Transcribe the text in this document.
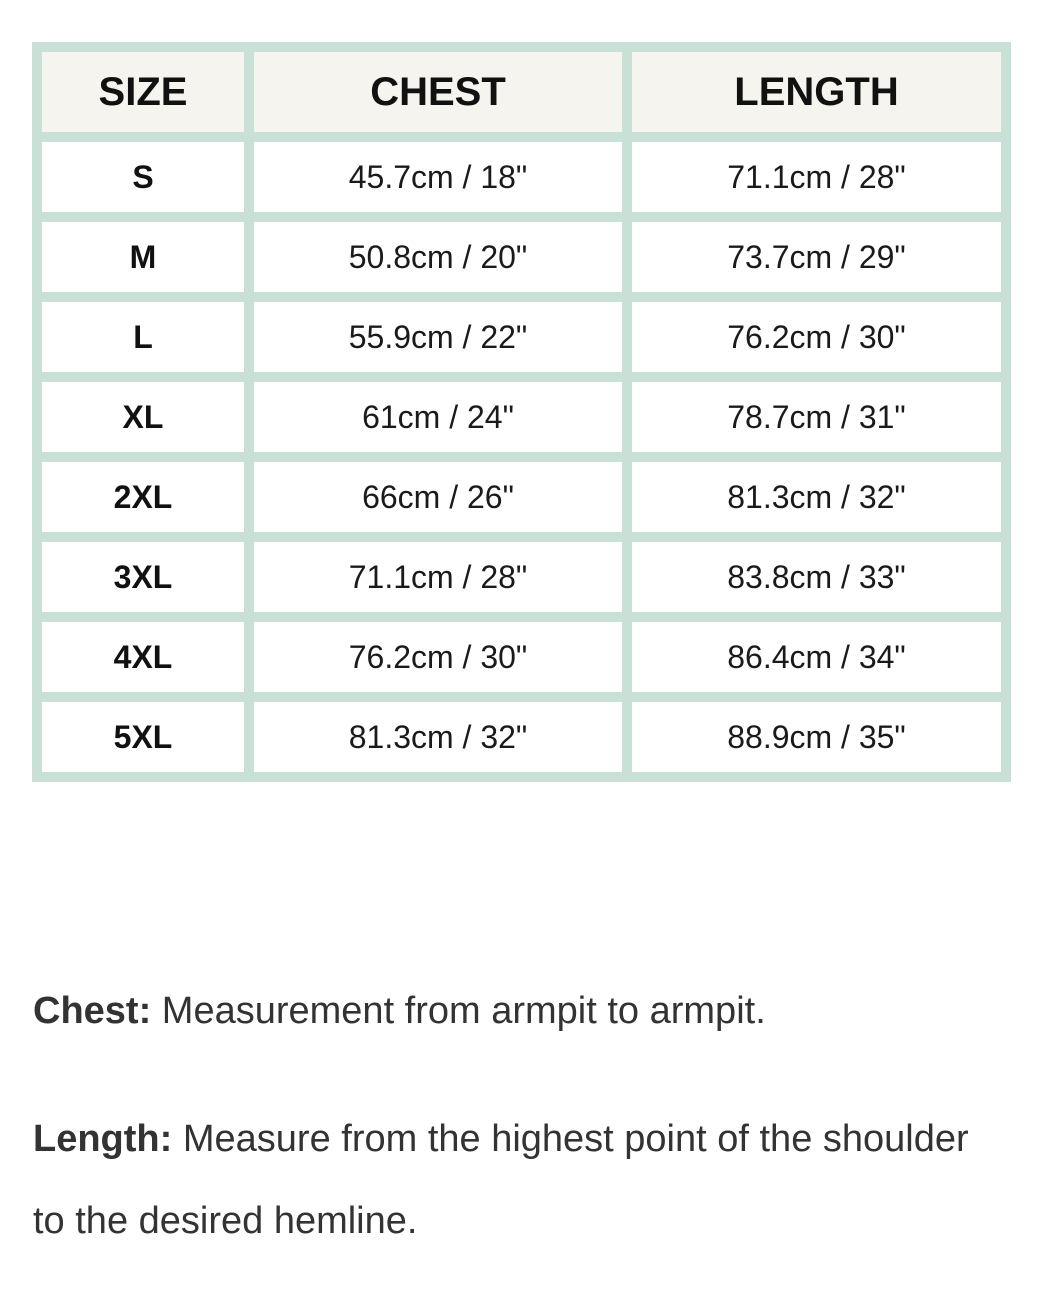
SIZE	CHEST	LENGTH
S	45.7cm / 18"	71.1cm / 28"
M	50.8cm / 20"	73.7cm / 29"
L	55.9cm / 22"	76.2cm / 30"
XL	61cm / 24"	78.7cm / 31"
2XL	66cm / 26"	81.3cm / 32"
3XL	71.1cm / 28"	83.8cm / 33"
4XL	76.2cm / 30"	86.4cm / 34"
5XL	81.3cm / 32"	88.9cm / 35"

Chest: Measurement from armpit to armpit.

Length: Measure from the highest point of the shoulder to the desired hemline.
